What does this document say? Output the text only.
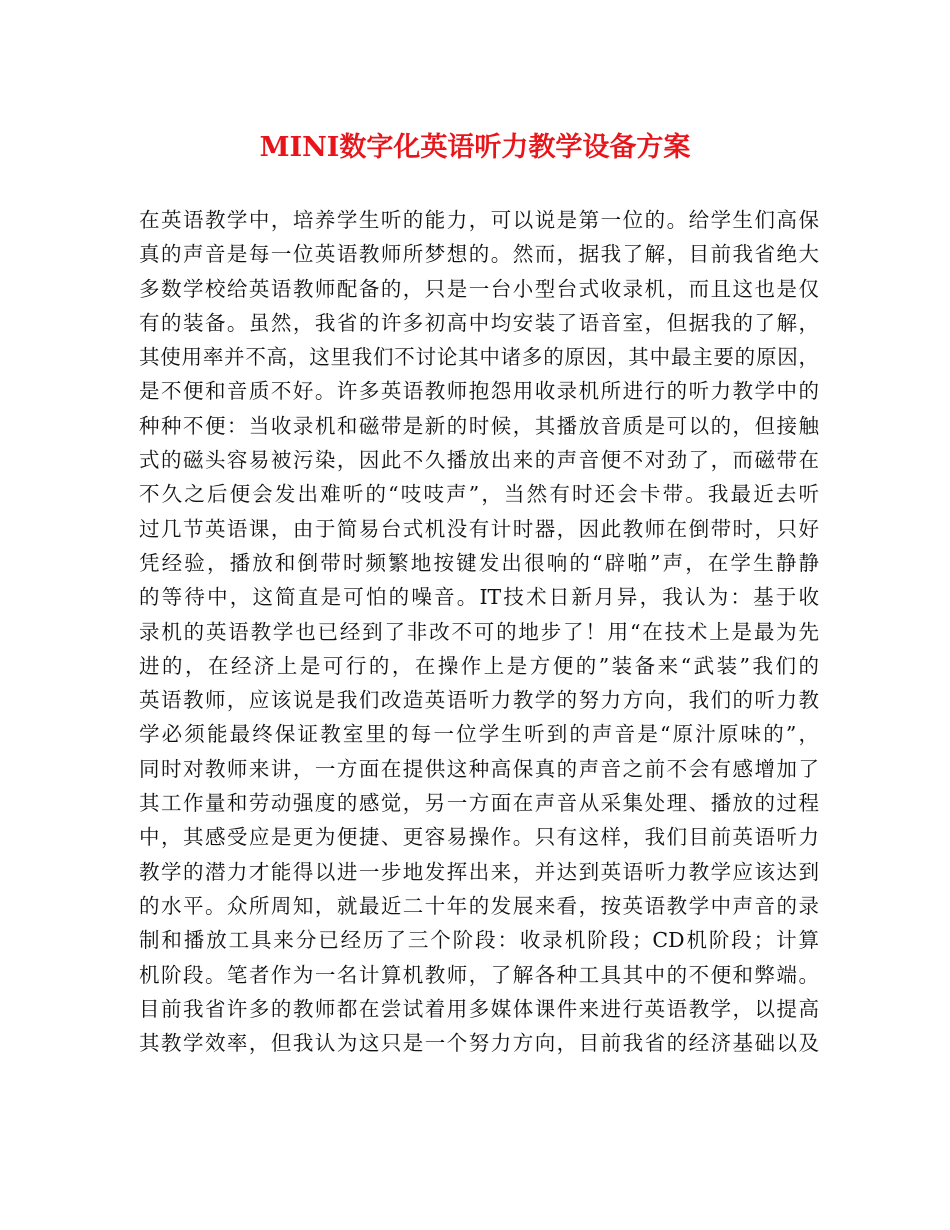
MINI数字化英语听力教学设备方案
在英语教学中，培养学生听的能力，可以说是第一位的。给学生们高保
真的声音是每一位英语教师所梦想的。然而，据我了解，目前我省绝大
多数学校给英语教师配备的，只是一台小型台式收录机，而且这也是仅
有的装备。虽然，我省的许多初高中均安装了语音室，但据我的了解，
其使用率并不高，这里我们不讨论其中诸多的原因，其中最主要的原因，
是不便和音质不好。许多英语教师抱怨用收录机所进行的听力教学中的
种种不便：当收录机和磁带是新的时候，其播放音质是可以的，但接触
式的磁头容易被污染，因此不久播放出来的声音便不对劲了，而磁带在
不久之后便会发出难听的“吱吱声”，当然有时还会卡带。我最近去听
过几节英语课，由于简易台式机没有计时器，因此教师在倒带时，只好
凭经验，播放和倒带时频繁地按键发出很响的“辟啪”声，在学生静静
的等待中，这简直是可怕的噪音。IT技术日新月异，我认为：基于收
录机的英语教学也已经到了非改不可的地步了！用“在技术上是最为先
进的，在经济上是可行的，在操作上是方便的”装备来“武装”我们的
英语教师，应该说是我们改造英语听力教学的努力方向，我们的听力教
学必须能最终保证教室里的每一位学生听到的声音是“原汁原味的”，
同时对教师来讲，一方面在提供这种高保真的声音之前不会有感增加了
其工作量和劳动强度的感觉，另一方面在声音从采集处理、播放的过程
中，其感受应是更为便捷、更容易操作。只有这样，我们目前英语听力
教学的潜力才能得以进一步地发挥出来，并达到英语听力教学应该达到
的水平。众所周知，就最近二十年的发展来看，按英语教学中声音的录
制和播放工具来分已经历了三个阶段：收录机阶段；CD机阶段；计算
机阶段。笔者作为一名计算机教师，了解各种工具其中的不便和弊端。
目前我省许多的教师都在尝试着用多媒体课件来进行英语教学，以提高
其教学效率，但我认为这只是一个努力方向，目前我省的经济基础以及
